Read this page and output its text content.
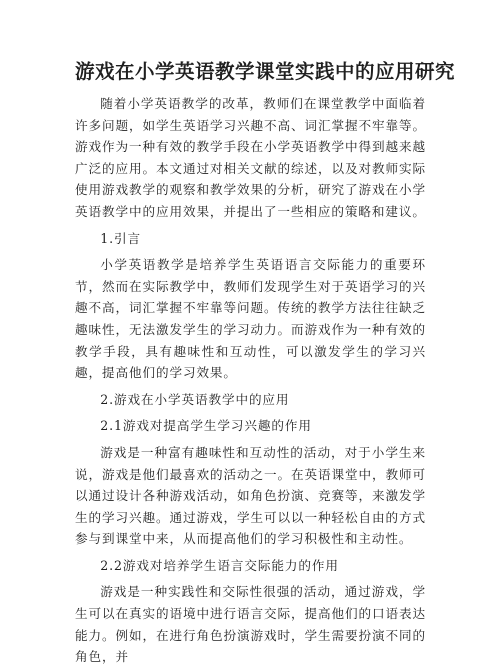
游戏在小学英语教学课堂实践中的应用研究

随着小学英语教学的改革，教师们在课堂教学中面临着许多问题，如学生英语学习兴趣不高、词汇掌握不牢靠等。游戏作为一种有效的教学手段在小学英语教学中得到越来越广泛的应用。本文通过对相关文献的综述，以及对教师实际使用游戏教学的观察和教学效果的分析，研究了游戏在小学英语教学中的应用效果，并提出了一些相应的策略和建议。

1.引言

小学英语教学是培养学生英语语言交际能力的重要环节，然而在实际教学中，教师们发现学生对于英语学习的兴趣不高，词汇掌握不牢靠等问题。传统的教学方法往往缺乏趣味性，无法激发学生的学习动力。而游戏作为一种有效的教学手段，具有趣味性和互动性，可以激发学生的学习兴趣，提高他们的学习效果。

2.游戏在小学英语教学中的应用

2.1游戏对提高学生学习兴趣的作用

游戏是一种富有趣味性和互动性的活动，对于小学生来说，游戏是他们最喜欢的活动之一。在英语课堂中，教师可以通过设计各种游戏活动，如角色扮演、竞赛等，来激发学生的学习兴趣。通过游戏，学生可以以一种轻松自由的方式参与到课堂中来，从而提高他们的学习积极性和主动性。

2.2游戏对培养学生语言交际能力的作用

游戏是一种实践性和交际性很强的活动，通过游戏，学生可以在真实的语境中进行语言交际，提高他们的口语表达能力。例如，在进行角色扮演游戏时，学生需要扮演不同的角色，并
